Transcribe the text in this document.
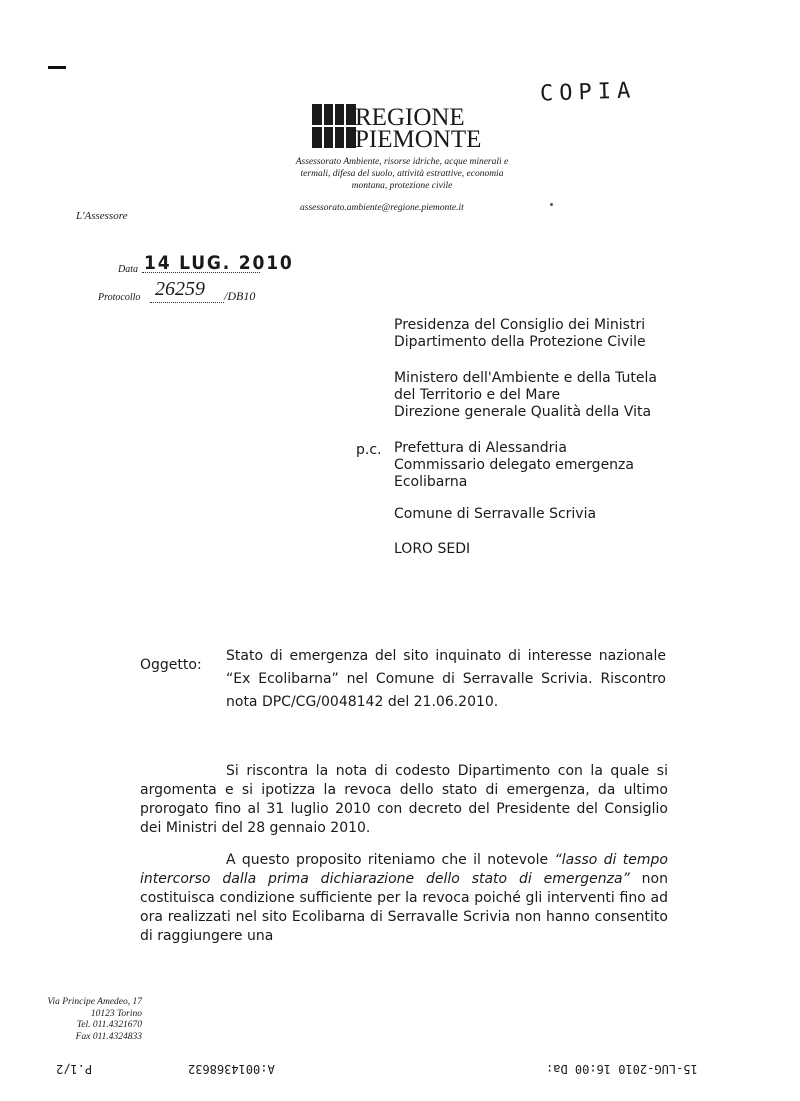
COPIA
REGIONE
PIEMONTE
Assessorato Ambiente, risorse idriche, acque minerali e termali, difesa del suolo, attività estrattive, economia montana, protezione civile
assessorato.ambiente@regione.piemonte.it
L'Assessore
Data 14 LUG. 2010
Protocollo 26259 /DB10
Presidenza del Consiglio dei Ministri
Dipartimento della Protezione Civile
Ministero dell'Ambiente e della Tutela
del Territorio e del Mare
Direzione generale Qualità della Vita
p.c. Prefettura di Alessandria
Commissario delegato emergenza
Ecolibarna
Comune di Serravalle Scrivia
LORO SEDI
Oggetto:
Stato di emergenza del sito inquinato di interesse nazionale “Ex Ecolibarna” nel Comune di Serravalle Scrivia. Riscontro nota DPC/CG/0048142 del 21.06.2010.
Si riscontra la nota di codesto Dipartimento con la quale si argomenta e si ipotizza la revoca dello stato di emergenza, da ultimo prorogato fino al 31 luglio 2010 con decreto del Presidente del Consiglio dei Ministri del 28 gennaio 2010.
A questo proposito riteniamo che il notevole “lasso di tempo intercorso dalla prima dichiarazione dello stato di emergenza” non costituisca condizione sufficiente per la revoca poiché gli interventi fino ad ora realizzati nel sito Ecolibarna di Serravalle Scrivia non hanno consentito di raggiungere una
Via Principe Amedeo, 17
10123 Torino
Tel. 011.4321670
Fax 011.4324833
P.1/2	A:0014368632	15-LUG-2010 16:00 Da:
